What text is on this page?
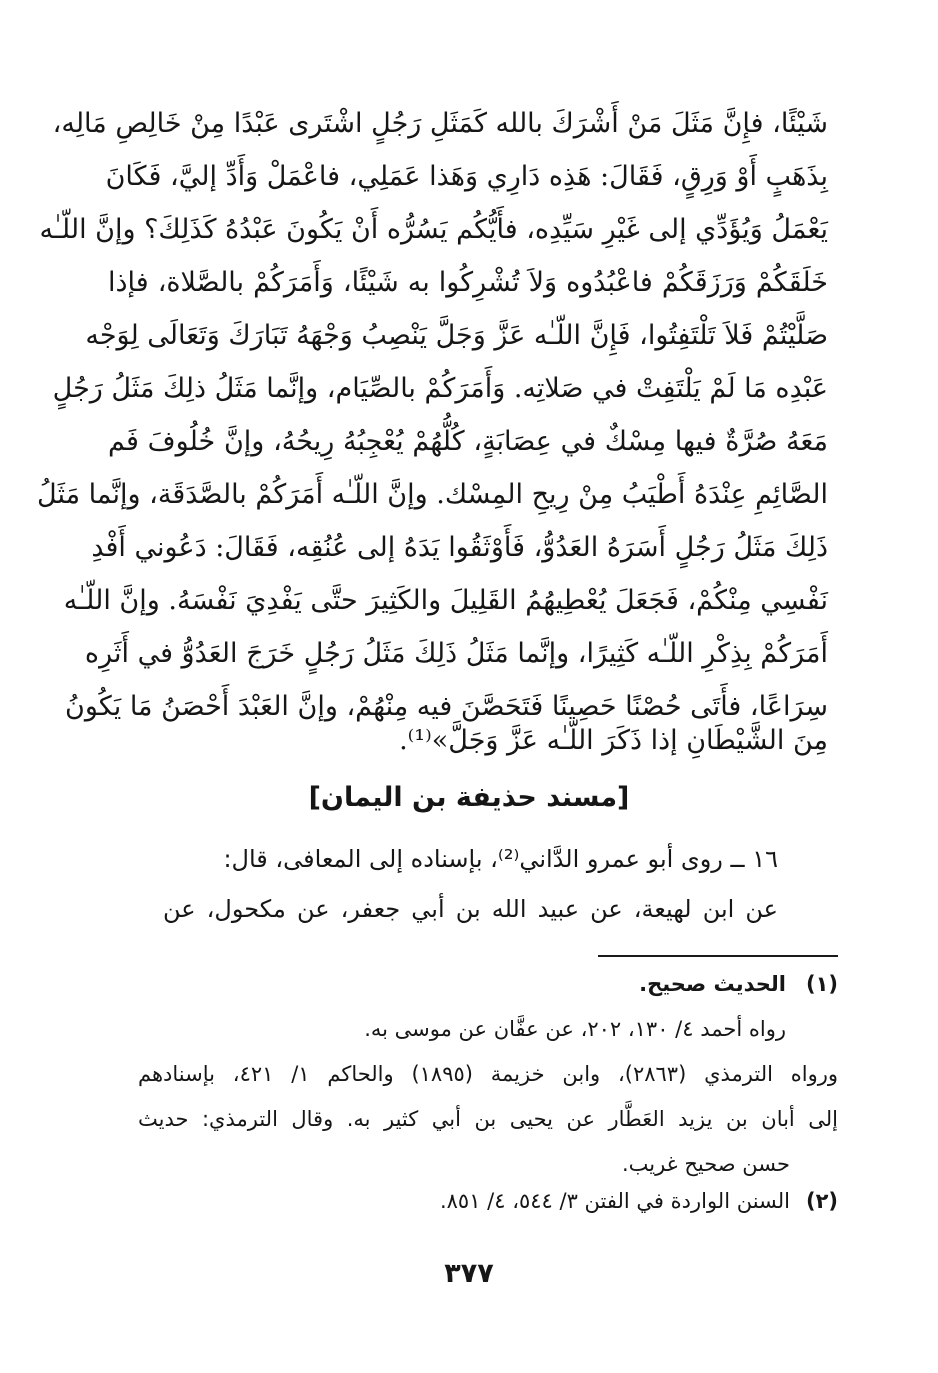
شَيْئًا، فإِنَّ مَثَلَ مَنْ أَشْرَكَ بالله كَمَثَلِ رَجُلٍ اشْتَرى عَبْدًا مِنْ خَالِصِ مَالِه،
بِذَهَبٍ أَوْ وَرِقٍ، فَقَالَ: هَذِه دَارِي وَهَذا عَمَلِي، فاعْمَلْ وَأَدِّ إليَّ، فَكَانَ
يَعْمَلُ وَيُؤَدِّي إلى غَيْرِ سَيِّدِه، فأَيُّكُم يَسُرُّه أَنْ يَكُونَ عَبْدُهُ كَذَلِكَ؟ وإنَّ اللّـٰه
خَلَقَكُمْ وَرَزَقَكُمْ فاعْبُدُوه وَلاَ تُشْرِكُوا به شَيْئًا، وَأَمَرَكُمْ بالصَّلاة، فإذا
صَلَّيْتُمْ فَلاَ تَلْتَفِتُوا، فَإِنَّ اللّـٰه عَزَّ وَجَلَّ يَنْصِبُ وَجْهَهُ تَبَارَكَ وَتَعَالَى لِوَجْه
عَبْدِه مَا لَمْ يَلْتَفِتْ في صَلاتِه. وَأَمَرَكُمْ بالصِّيَام، وإنَّما مَثَلُ ذلِكَ مَثَلُ رَجُلٍ
مَعَهُ صُرَّةٌ فيها مِسْكٌ في عِصَابَةٍ، كُلُّهُمْ يُعْجِبُهُ رِيحُهُ، وإنَّ خُلُوفَ فَم
الصَّائِمِ عِنْدَهُ أَطْيَبُ مِنْ رِيحِ المِسْك. وإنَّ اللّـٰه أَمَرَكُمْ بالصَّدَقَة، وإنَّما مَثَلُ
ذَلِكَ مَثَلُ رَجُلٍ أَسَرَهُ العَدُوُّ، فَأَوْثَقُوا يَدَهُ إلى عُنُقِه، فَقَالَ: دَعُوني أَفْدِ
نَفْسِي مِنْكُمْ، فَجَعَلَ يُعْطِيهُمُ القَلِيلَ والكَثِيرَ حتَّى يَفْدِيَ نَفْسَهُ. وإنَّ اللّـٰه
أَمَرَكُمْ بِذِكْرِ اللّـٰه كَثِيرًا، وإنَّما مَثَلُ ذَلِكَ مَثَلُ رَجُلٍ خَرَجَ العَدُوُّ في أَثَرِه
سِرَاعًا، فأَتَى حُصْنًا حَصِينًا فَتَحَصَّنَ فيه مِنْهُمْ، وإنَّ العَبْدَ أَحْصَنُ مَا يَكُونُ
مِنَ الشَّيْطَانِ إذا ذَكَرَ اللّـٰه عَزَّ وَجَلَّ»⁽¹⁾.
[مسند حذيفة بن اليمان]
١٦ ــ روى أبو عمرو الدَّاني⁽²⁾، بإسناده إلى المعافى، قال:
عن ابن لهيعة، عن عبيد الله بن أبي جعفر، عن مكحول، عن
(١)
الحديث صحيح.
رواه أحمد ٤/ ١٣٠، ٢٠٢، عن عفَّان عن موسى به.
ورواه الترمذي (٢٨٦٣)، وابن خزيمة (١٨٩٥) والحاكم ١/ ٤٢١، بإسنادهم
إلى أبان بن يزيد العَطَّار عن يحيى بن أبي كثير به. وقال الترمذي: حديث
حسن صحيح غريب.
(٢)
السنن الواردة في الفتن ٣/ ٥٤٤، ٤/ ٨٥١.
٣٧٧
